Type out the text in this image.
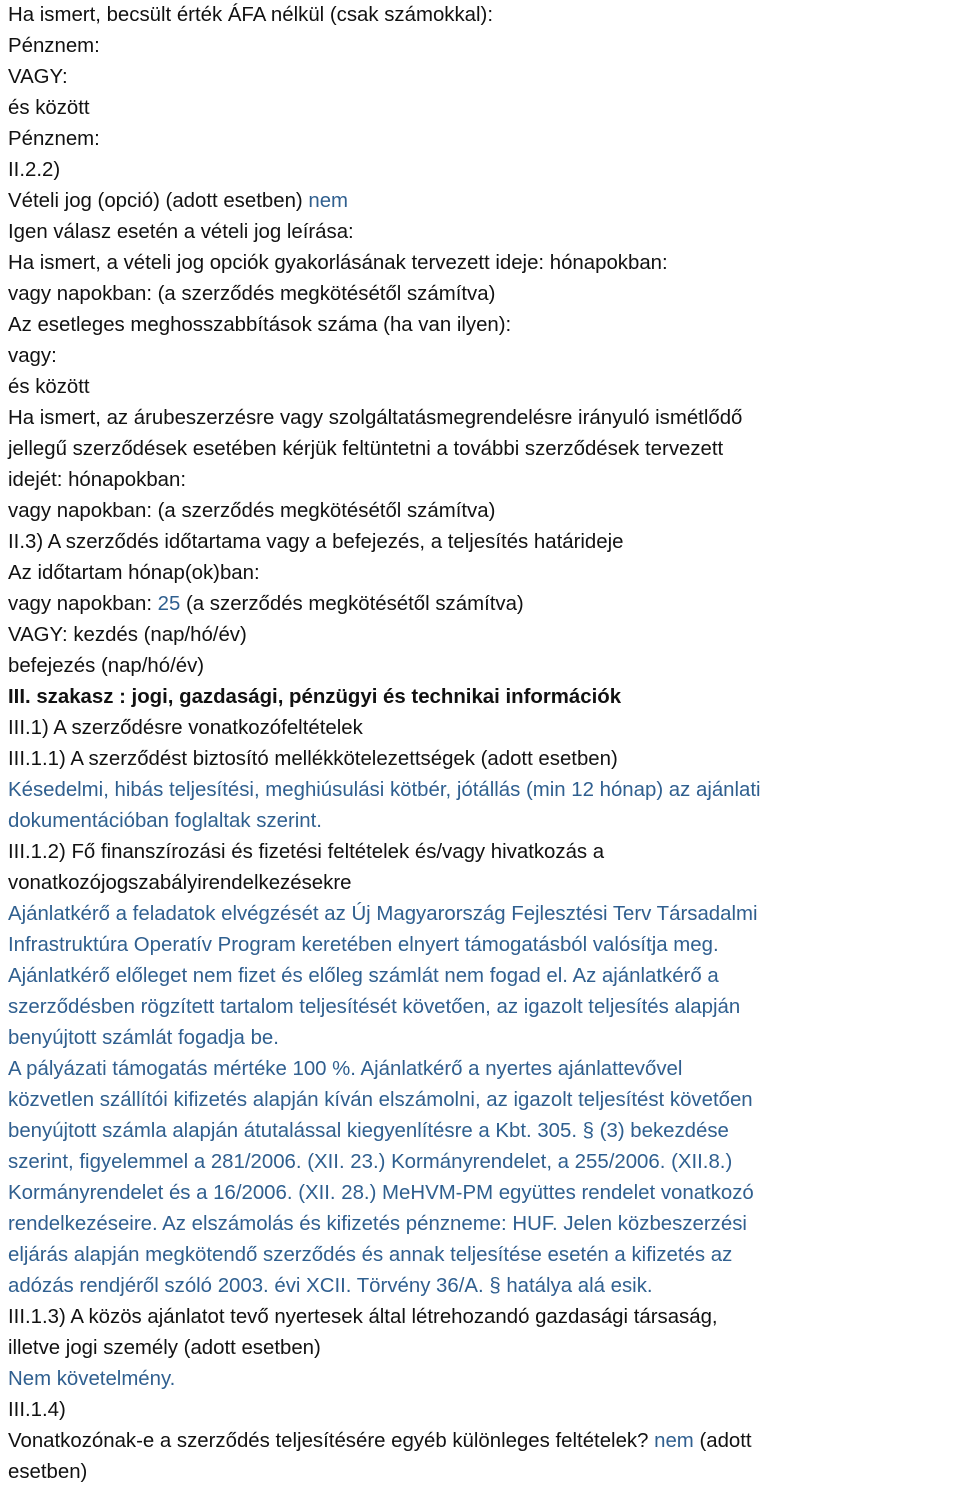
Ha ismert, becsült érték ÁFA nélkül (csak számokkal):
Pénznem:
VAGY:
és között
Pénznem:
II.2.2)
Vételi jog (opció) (adott esetben) nem
Igen válasz esetén a vételi jog leírása:
Ha ismert, a vételi jog opciók gyakorlásának tervezett ideje: hónapokban:
vagy napokban: (a szerződés megkötésétől számítva)
Az esetleges meghosszabbítások száma (ha van ilyen):
vagy:
és között
Ha ismert, az árubeszerzésre vagy szolgáltatásmegrendelésre irányuló ismétlődő
jellegű szerződések esetében kérjük feltüntetni a további szerződések tervezett
idejét: hónapokban:
vagy napokban: (a szerződés megkötésétől számítva)
II.3) A szerződés időtartama vagy a befejezés, a teljesítés határideje
Az időtartam hónap(ok)ban:
vagy napokban: 25 (a szerződés megkötésétől számítva)
VAGY: kezdés (nap/hó/év)
befejezés (nap/hó/év)
III. szakasz : jogi, gazdasági, pénzügyi és technikai információk
III.1) A szerződésre vonatkozófeltételek
III.1.1) A szerződést biztosító mellékkötelezettségek (adott esetben)
Késedelmi, hibás teljesítési, meghiúsulási kötbér, jótállás (min 12 hónap) az ajánlati
dokumentációban foglaltak szerint.
III.1.2) Fő finanszírozási és fizetési feltételek és/vagy hivatkozás a
vonatkozójogszabályirendelkezésekre
Ajánlatkérő a feladatok elvégzését az Új Magyarország Fejlesztési Terv Társadalmi
Infrastruktúra Operatív Program keretében elnyert támogatásból valósítja meg.
Ajánlatkérő előleget nem fizet és előleg számlát nem fogad el. Az ajánlatkérő a
szerződésben rögzített tartalom teljesítését követően, az igazolt teljesítés alapján
benyújtott számlát fogadja be.
A pályázati támogatás mértéke 100 %. Ajánlatkérő a nyertes ajánlattevővel
közvetlen szállítói kifizetés alapján kíván elszámolni, az igazolt teljesítést követően
benyújtott számla alapján átutalással kiegyenlítésre a Kbt. 305. § (3) bekezdése
szerint, figyelemmel a 281/2006. (XII. 23.) Kormányrendelet, a 255/2006. (XII.8.)
Kormányrendelet és a 16/2006. (XII. 28.) MeHVM-PM együttes rendelet vonatkozó
rendelkezéseire. Az elszámolás és kifizetés pénzneme: HUF. Jelen közbeszerzési
eljárás alapján megkötendő szerződés és annak teljesítése esetén a kifizetés az
adózás rendjéről szóló 2003. évi XCII. Törvény 36/A. § hatálya alá esik.
III.1.3) A közös ajánlatot tevő nyertesek által létrehozandó gazdasági társaság,
illetve jogi személy (adott esetben)
Nem követelmény.
III.1.4)
Vonatkozónak-e a szerződés teljesítésére egyéb különleges feltételek? nem (adott
esetben)
